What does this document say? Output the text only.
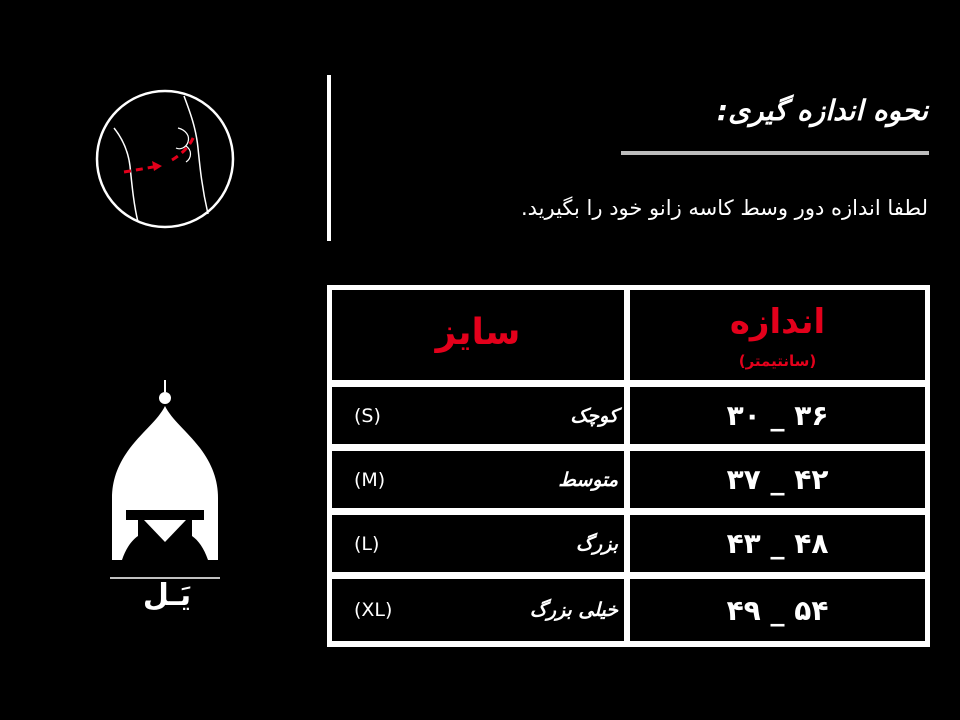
یَـل
نحوه اندازه گیری:
لطفا اندازه دور وسط کاسه زانو خود را بگیرید.
سایز	اندازه
(سانتیمتر)
کوچک
(S)	۳۶ _ ۳۰
متوسط
(M)	۴۲ _ ۳۷
بزرگ
(L)	۴۸ _ ۴۳
خیلی بزرگ
(XL)	۵۴ _ ۴۹
